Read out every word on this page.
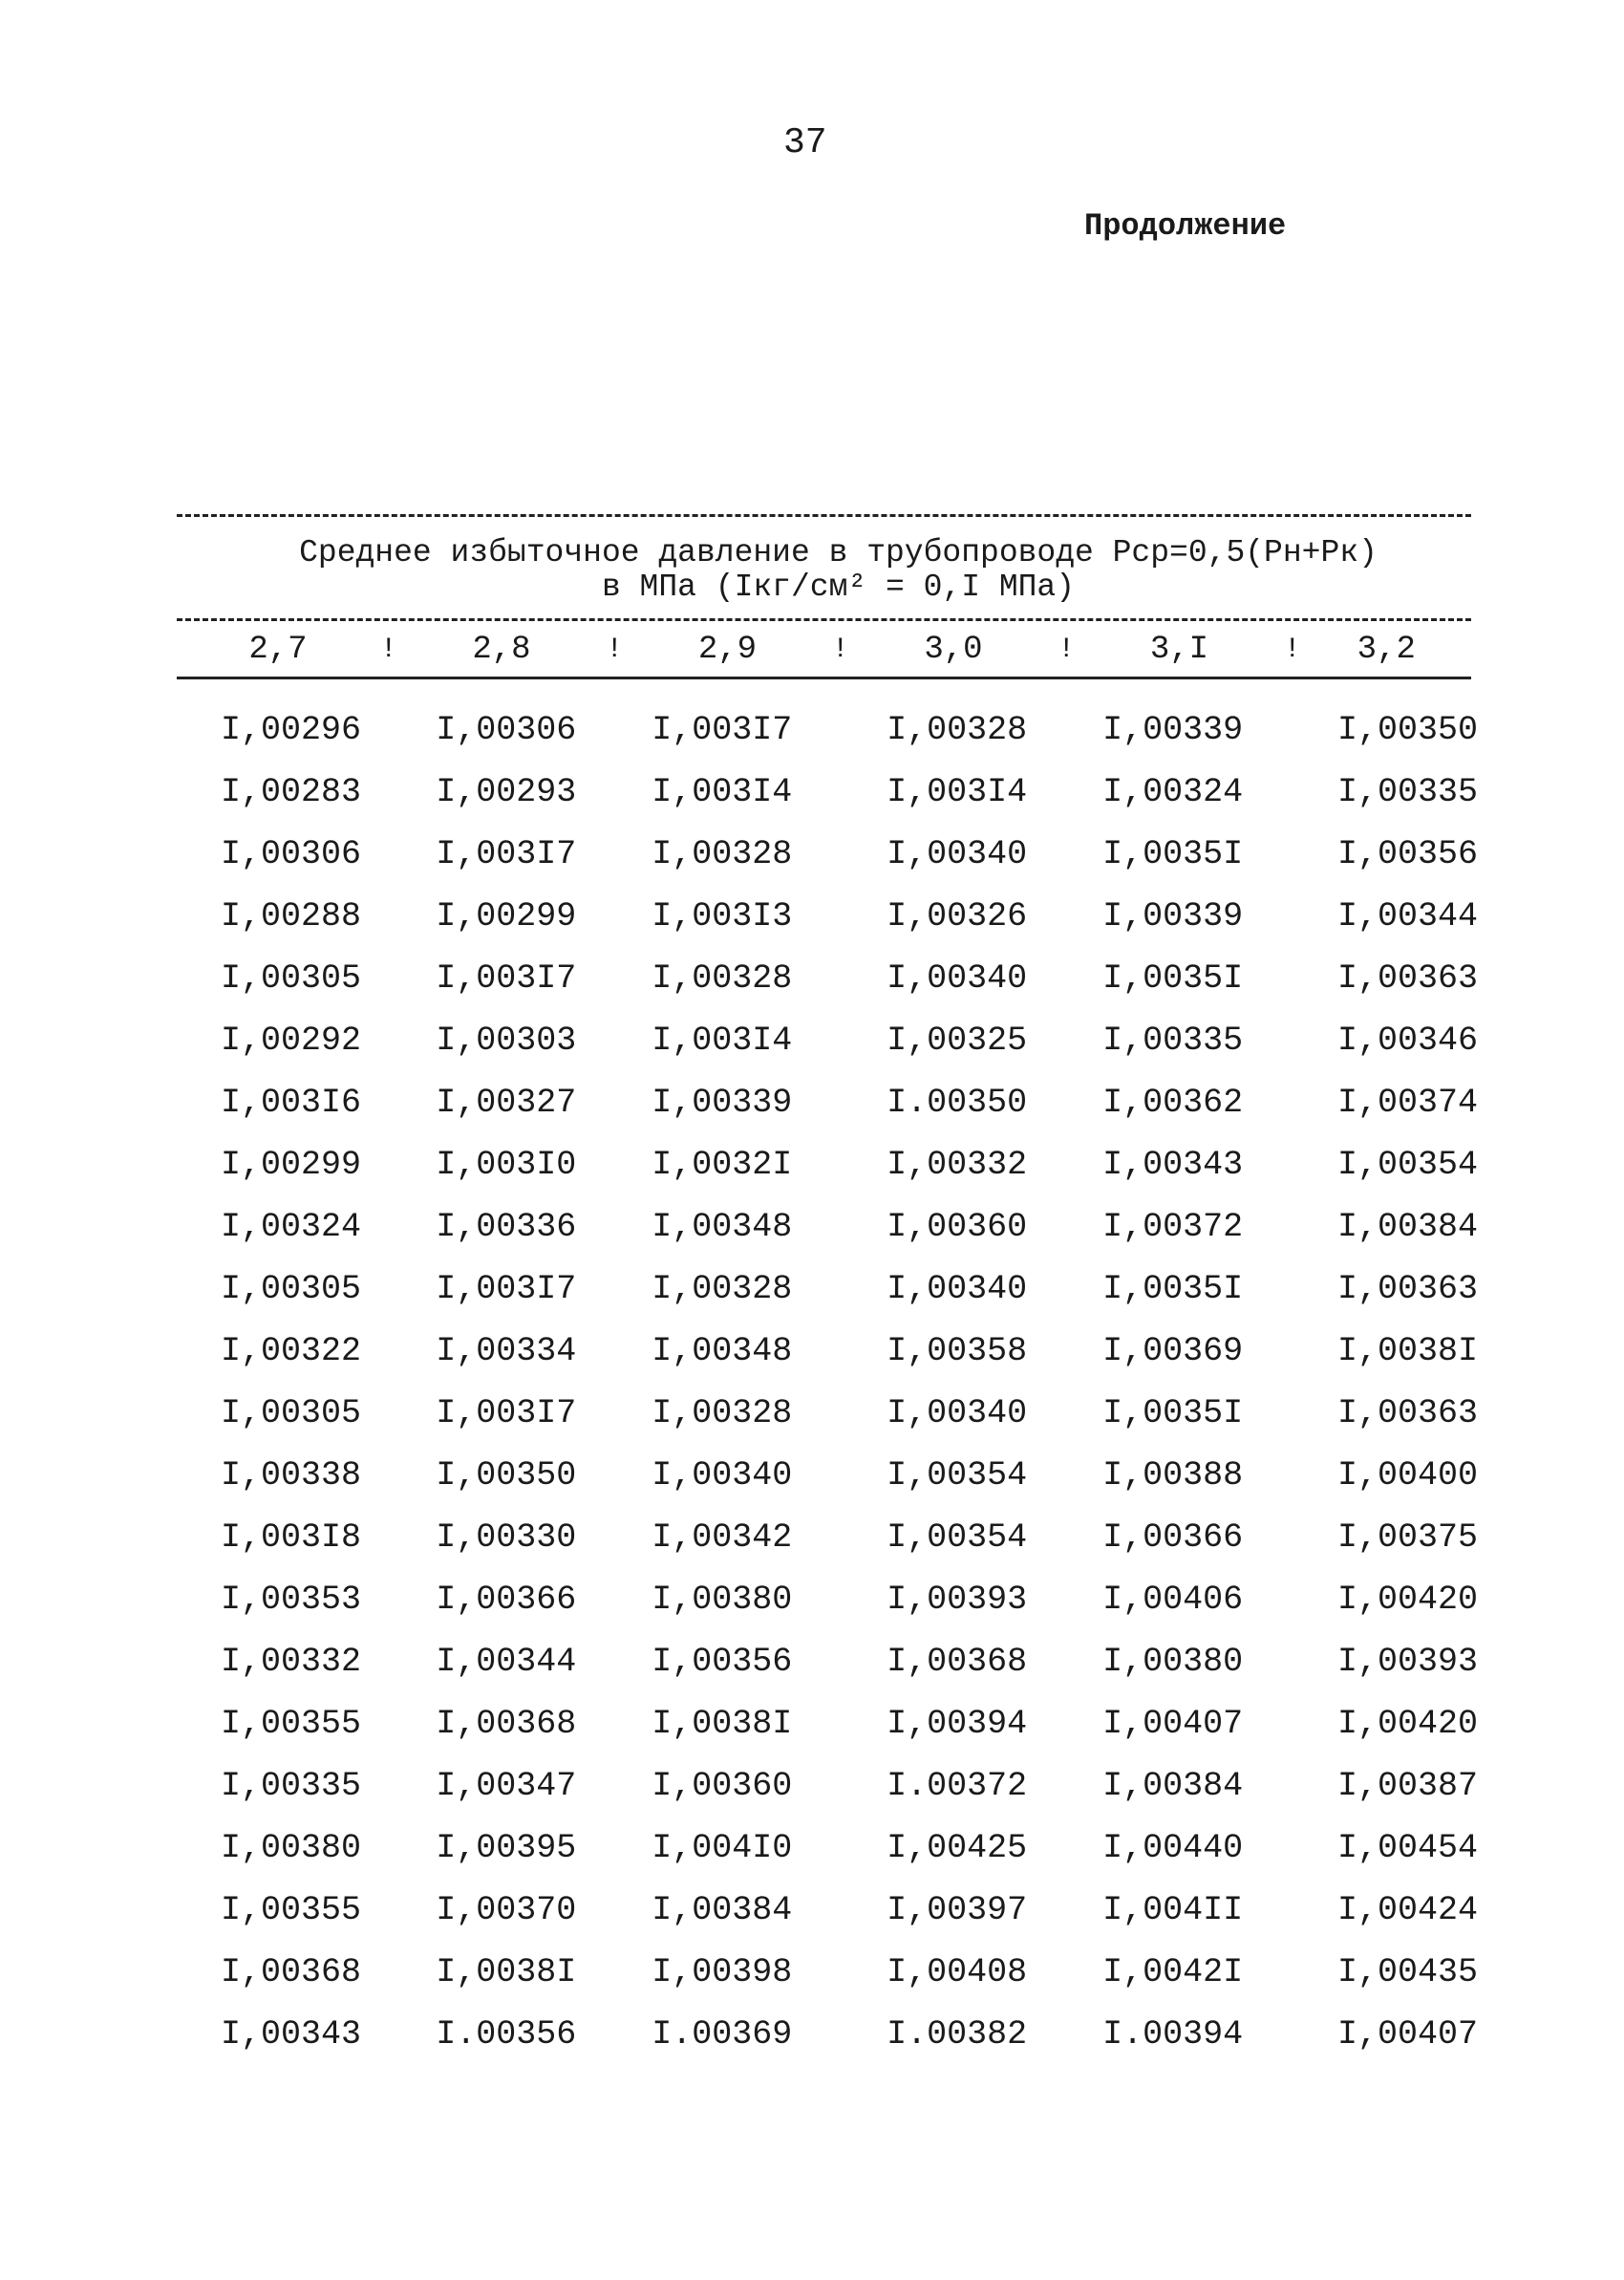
37
Продолжение
Среднее избыточное давление в трубопроводе Рср=0,5(Рн+Рк)
в МПа (Iкг/см² = 0,I МПа)
2,7	!	2,8	!	2,9	!	3,0	!	3,I	!	3,2
I,00296	I,00306	I,003I7	I,00328	I,00339	I,00350
I,00283	I,00293	I,003I4	I,003I4	I,00324	I,00335
I,00306	I,003I7	I,00328	I,00340	I,0035I	I,00356
I,00288	I,00299	I,003I3	I,00326	I,00339	I,00344
I,00305	I,003I7	I,00328	I,00340	I,0035I	I,00363
I,00292	I,00303	I,003I4	I,00325	I,00335	I,00346
I,003I6	I,00327	I,00339	I.00350	I,00362	I,00374
I,00299	I,003I0	I,0032I	I,00332	I,00343	I,00354
I,00324	I,00336	I,00348	I,00360	I,00372	I,00384
I,00305	I,003I7	I,00328	I,00340	I,0035I	I,00363
I,00322	I,00334	I,00348	I,00358	I,00369	I,0038I
I,00305	I,003I7	I,00328	I,00340	I,0035I	I,00363
I,00338	I,00350	I,00340	I,00354	I,00388	I,00400
I,003I8	I,00330	I,00342	I,00354	I,00366	I,00375
I,00353	I,00366	I,00380	I,00393	I,00406	I,00420
I,00332	I,00344	I,00356	I,00368	I,00380	I,00393
I,00355	I,00368	I,0038I	I,00394	I,00407	I,00420
I,00335	I,00347	I,00360	I.00372	I,00384	I,00387
I,00380	I,00395	I,004I0	I,00425	I,00440	I,00454
I,00355	I,00370	I,00384	I,00397	I,004II	I,00424
I,00368	I,0038I	I,00398	I,00408	I,0042I	I,00435
I,00343	I.00356	I.00369	I.00382	I.00394	I,00407
